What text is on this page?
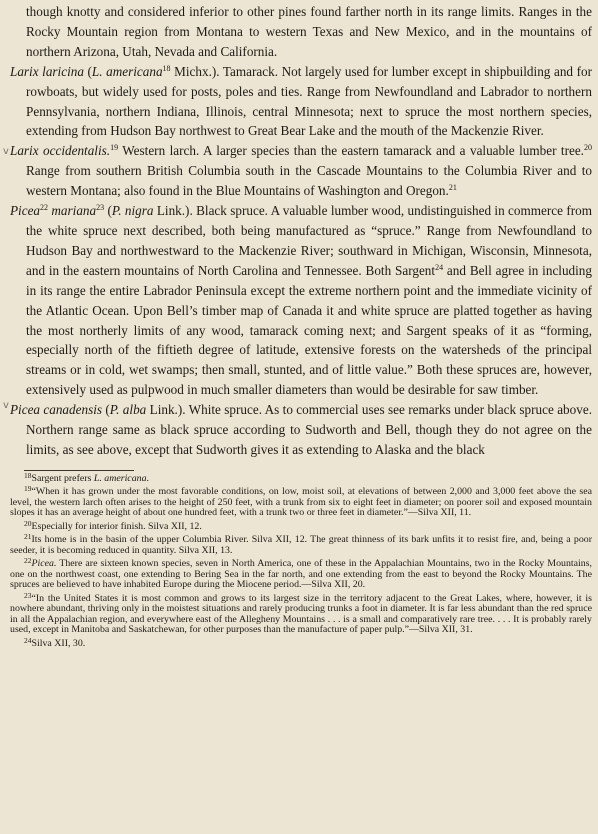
v
v

though knotty and considered inferior to other pines found farther north in its range limits. Ranges in the Rocky Mountain region from Montana to western Texas and New Mexico, and in the mountains of northern Arizona, Utah, Nevada and California.

Larix laricina (L. americana$^{18}$ Michx.). Tamarack. Not largely used for lumber except in shipbuilding and for rowboats, but widely used for posts, poles and ties. Range from Newfoundland and Labrador to northern Pennsylvania, northern Indiana, Illinois, central Minnesota; next to spruce the most northern species, extending from Hudson Bay northwest to Great Bear Lake and the mouth of the Mackenzie River.

Larix occidentalis.$^{19}$ Western larch. A larger species than the eastern tamarack and a valuable lumber tree.$^{20}$ Range from southern British Columbia south in the Cascade Mountains to the Columbia River and to western Montana; also found in the Blue Mountains of Washington and Oregon.$^{21}$

Picea$^{22}$ mariana$^{23}$ (P. nigra Link.). Black spruce. A valuable lumber wood, undistinguished in commerce from the white spruce next described, both being manufactured as “spruce.” Range from Newfoundland to Hudson Bay and northwestward to the Mackenzie River; southward in Michigan, Wisconsin, Minnesota, and in the eastern mountains of North Carolina and Tennessee. Both Sargent$^{24}$ and Bell agree in including in its range the entire Labrador Peninsula except the extreme northern point and the immediate vicinity of the Atlantic Ocean. Upon Bell’s timber map of Canada it and white spruce are platted together as having the most northerly limits of any wood, tamarack coming next; and Sargent speaks of it as “forming, especially north of the fiftieth degree of latitude, extensive forests on the watersheds of the principal streams or in cold, wet swamps; then small, stunted, and of little value.” Both these spruces are, however, extensively used as pulpwood in much smaller diameters than would be desirable for saw timber.

Picea canadensis (P. alba Link.). White spruce. As to commercial uses see remarks under black spruce above. Northern range same as black spruce according to Sudworth and Bell, though they do not agree on the limits, as see above, except that Sudworth gives it as extending to Alaska and the black

$^{18}$Sargent prefers L. americana.

$^{19}$“When it has grown under the most favorable conditions, on low, moist soil, at elevations of between 2,000 and 3,000 feet above the sea level, the western larch often arises to the height of 250 feet, with a trunk from six to eight feet in diameter; on poorer soil and exposed mountain slopes it has an average height of about one hundred feet, with a trunk two or three feet in diameter.”—Silva XII, 11.

$^{20}$Especially for interior finish. Silva XII, 12.

$^{21}$Its home is in the basin of the upper Columbia River. Silva XII, 12. The great thinness of its bark unfits it to resist fire, and, being a poor seeder, it is becoming reduced in quantity. Silva XII, 13.

$^{22}$Picea. There are sixteen known species, seven in North America, one of these in the Appalachian Mountains, two in the Rocky Mountains, one on the northwest coast, one extending to Bering Sea in the far north, and one extending from the east to beyond the Rocky Mountains. The spruces are believed to have inhabited Europe during the Miocene period.—Silva XII, 20.

$^{23}$“In the United States it is most common and grows to its largest size in the territory adjacent to the Great Lakes, where, however, it is nowhere abundant, thriving only in the moistest situations and rarely producing trunks a foot in diameter. It is far less abundant than the red spruce in all the Appalachian region, and everywhere east of the Allegheny Mountains . . . is a small and comparatively rare tree. . . . It is probably rarely used, except in Manitoba and Saskatchewan, for other purposes than the manufacture of paper pulp.”—Silva XII, 31.

$^{24}$Silva XII, 30.
